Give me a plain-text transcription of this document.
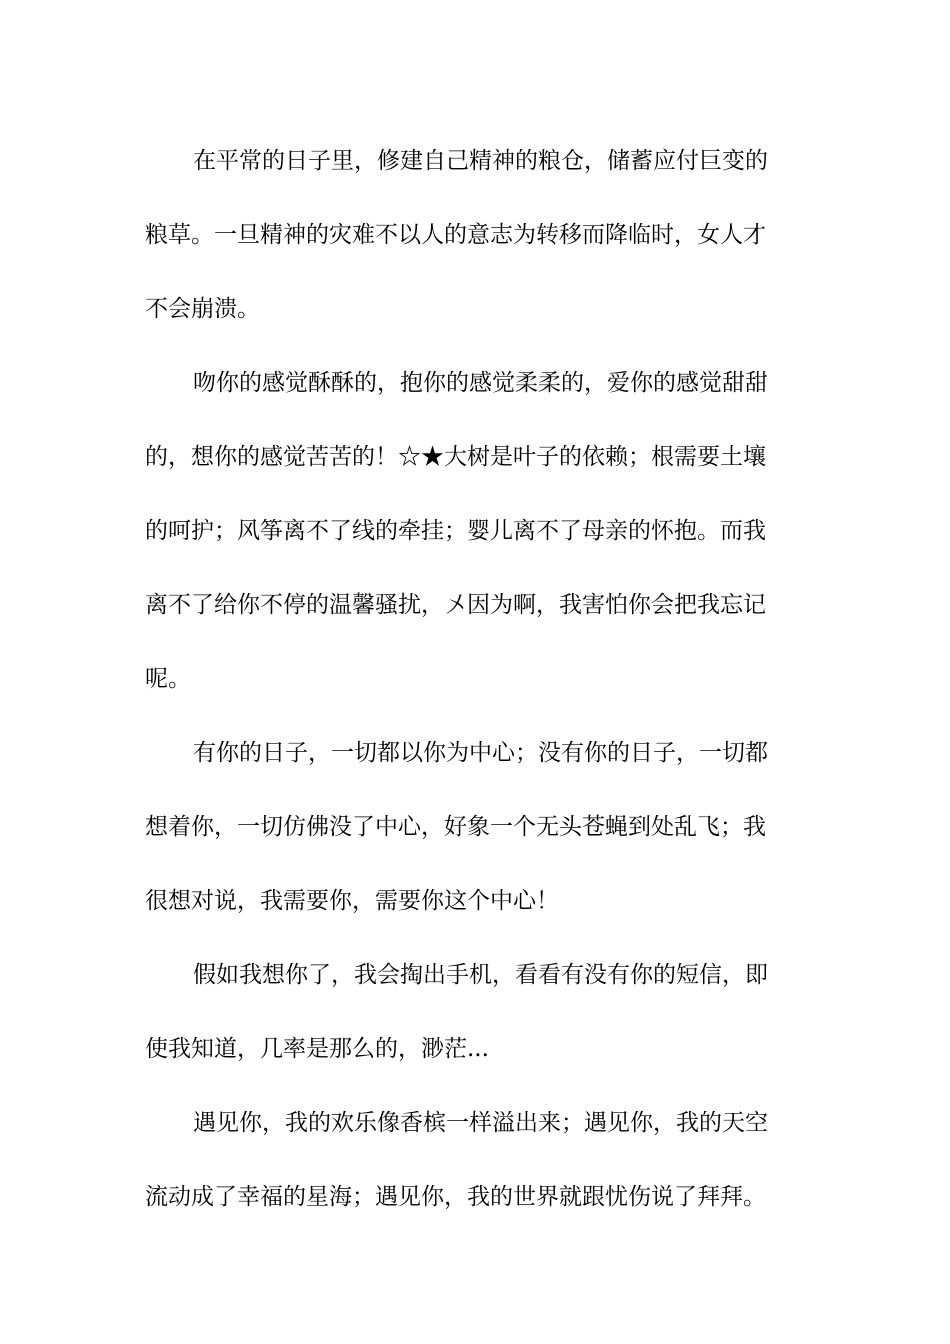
在平常的日子里，修建自己精神的粮仓，储蓄应付巨变的
粮草。一旦精神的灾难不以人的意志为转移而降临时，女人才
不会崩溃。
吻你的感觉酥酥的，抱你的感觉柔柔的，爱你的感觉甜甜
的，想你的感觉苦苦的！☆★大树是叶子的依赖；根需要土壤
的呵护；风筝离不了线的牵挂；婴儿离不了母亲的怀抱。而我
离不了给你不停的温馨骚扰，〤因为啊，我害怕你会把我忘记
呢。
有你的日子，一切都以你为中心；没有你的日子，一切都
想着你，一切仿佛没了中心，好象一个无头苍蝇到处乱飞；我
很想对说，我需要你，需要你这个中心！
假如我想你了，我会掏出手机，看看有没有你的短信，即
使我知道，几率是那么的，渺茫...
遇见你，我的欢乐像香槟一样溢出来；遇见你，我的天空
流动成了幸福的星海；遇见你，我的世界就跟忧伤说了拜拜。
